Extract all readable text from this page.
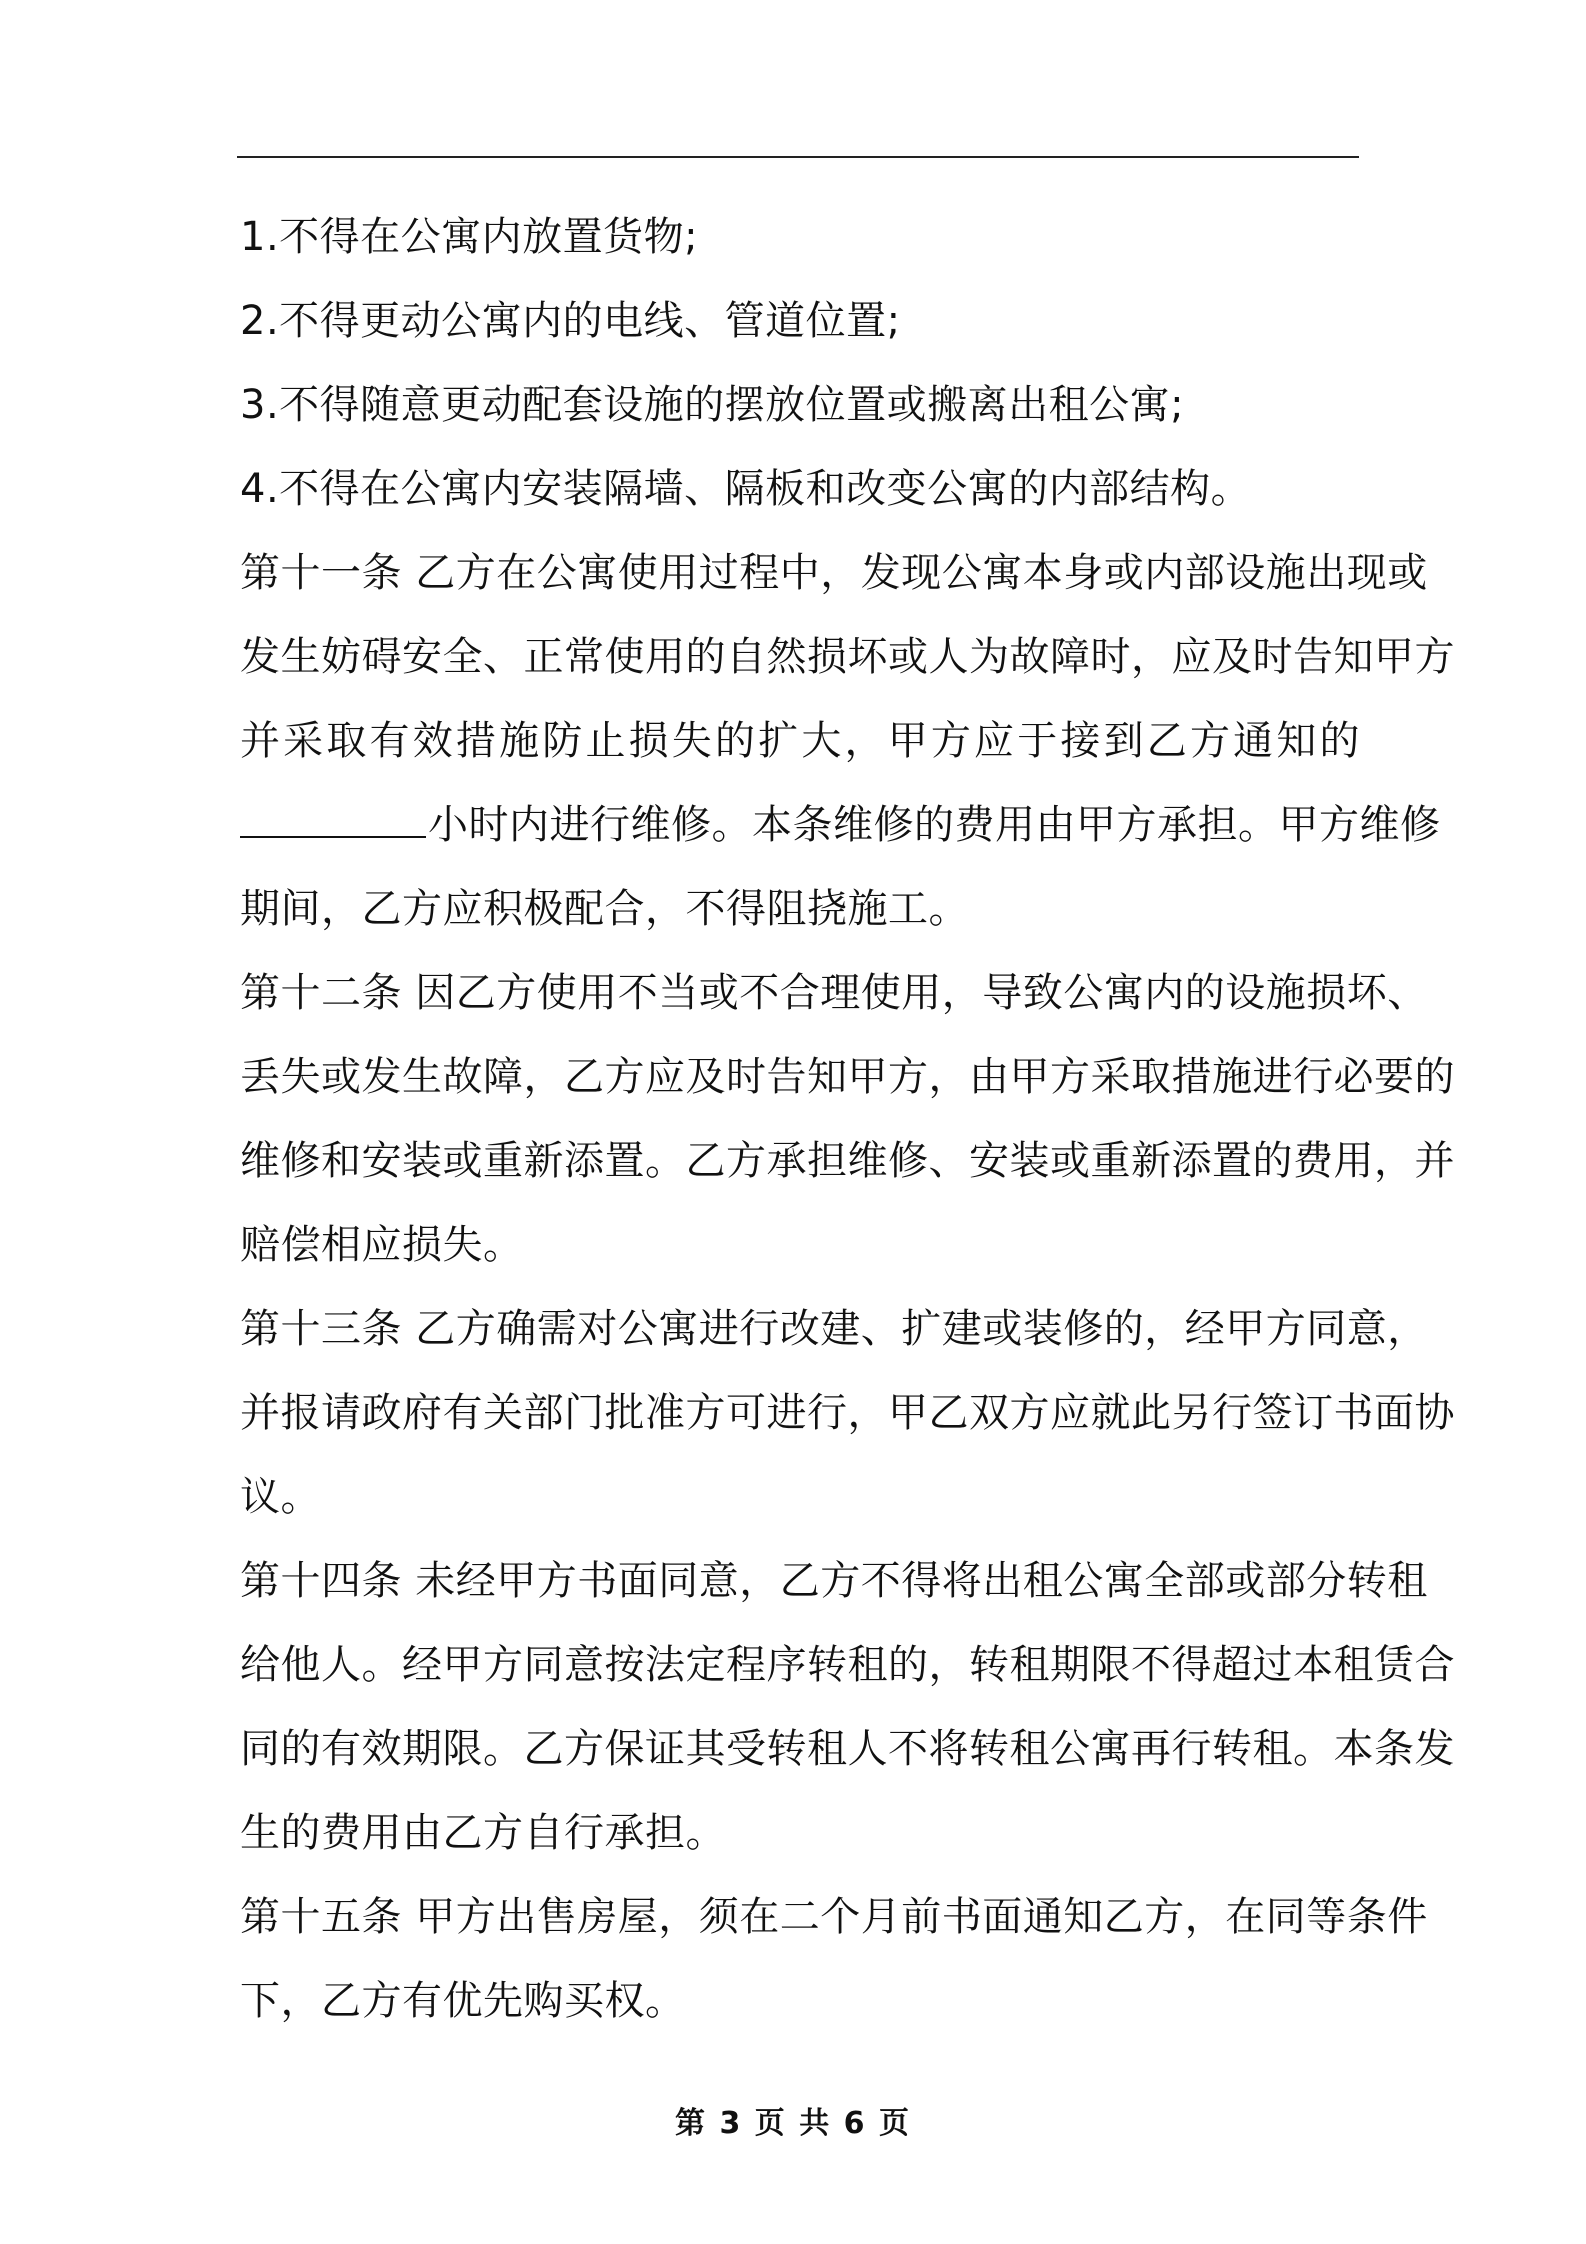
1.不得在公寓内放置货物;
2.不得更动公寓内的电线、管道位置;
3.不得随意更动配套设施的摆放位置或搬离出租公寓;
4.不得在公寓内安装隔墙、隔板和改变公寓的内部结构。
第十一条 乙方在公寓使用过程中，发现公寓本身或内部设施出现或
发生妨碍安全、正常使用的自然损坏或人为故障时，应及时告知甲方
并采取有效措施防止损失的扩大，甲方应于接到乙方通知的
小时内进行维修。本条维修的费用由甲方承担。甲方维修
期间，乙方应积极配合，不得阻挠施工。
第十二条 因乙方使用不当或不合理使用，导致公寓内的设施损坏、
丢失或发生故障，乙方应及时告知甲方，由甲方采取措施进行必要的
维修和安装或重新添置。乙方承担维修、安装或重新添置的费用，并
赔偿相应损失。
第十三条 乙方确需对公寓进行改建、扩建或装修的，经甲方同意，
并报请政府有关部门批准方可进行，甲乙双方应就此另行签订书面协
议。
第十四条 未经甲方书面同意，乙方不得将出租公寓全部或部分转租
给他人。经甲方同意按法定程序转租的，转租期限不得超过本租赁合
同的有效期限。乙方保证其受转租人不将转租公寓再行转租。本条发
生的费用由乙方自行承担。
第十五条 甲方出售房屋，须在二个月前书面通知乙方，在同等条件
下，乙方有优先购买权。
第 3 页 共 6 页
